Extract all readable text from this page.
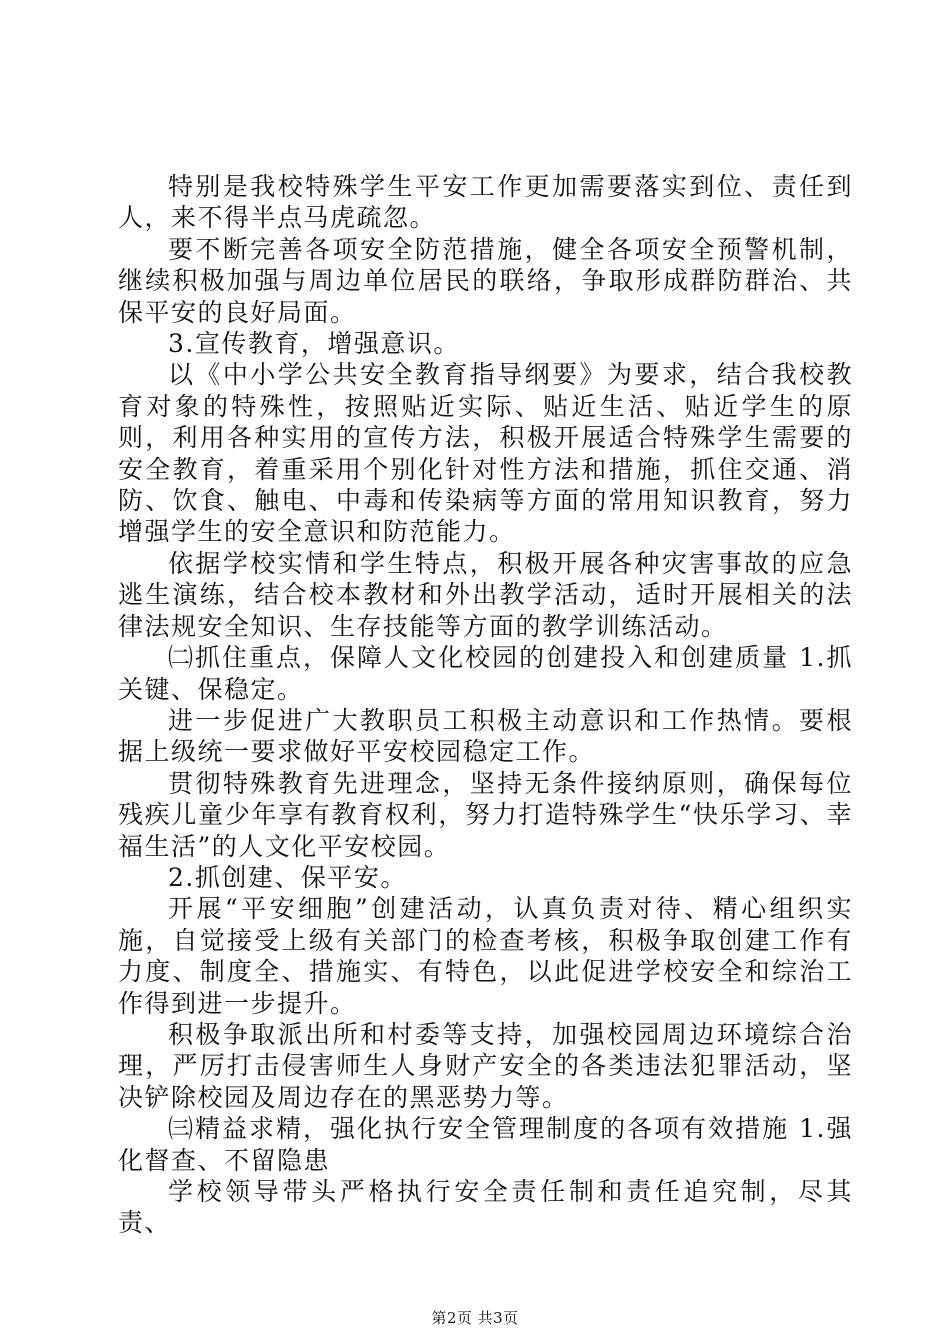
特别是我校特殊学生平安工作更加需要落实到位、责任到人，来不得半点马虎疏忽。

要不断完善各项安全防范措施，健全各项安全预警机制，继续积极加强与周边单位居民的联络，争取形成群防群治、共保平安的良好局面。

3.宣传教育，增强意识。

以《中小学公共安全教育指导纲要》为要求，结合我校教育对象的特殊性，按照贴近实际、贴近生活、贴近学生的原则，利用各种实用的宣传方法，积极开展适合特殊学生需要的安全教育，着重采用个别化针对性方法和措施，抓住交通、消防、饮食、触电、中毒和传染病等方面的常用知识教育，努力增强学生的安全意识和防范能力。

依据学校实情和学生特点，积极开展各种灾害事故的应急逃生演练，结合校本教材和外出教学活动，适时开展相关的法律法规安全知识、生存技能等方面的教学训练活动。

㈡抓住重点，保障人文化校园的创建投入和创建质量 1.抓关键、保稳定。

进一步促进广大教职员工积极主动意识和工作热情。要根据上级统一要求做好平安校园稳定工作。

贯彻特殊教育先进理念，坚持无条件接纳原则，确保每位残疾儿童少年享有教育权利，努力打造特殊学生“快乐学习、幸福生活”的人文化平安校园。

2.抓创建、保平安。

开展“平安细胞”创建活动，认真负责对待、精心组织实施，自觉接受上级有关部门的检查考核，积极争取创建工作有力度、制度全、措施实、有特色，以此促进学校安全和综治工作得到进一步提升。

积极争取派出所和村委等支持，加强校园周边环境综合治理，严厉打击侵害师生人身财产安全的各类违法犯罪活动，坚决铲除校园及周边存在的黑恶势力等。

㈢精益求精，强化执行安全管理制度的各项有效措施 1.强化督查、不留隐患

学校领导带头严格执行安全责任制和责任追究制，尽其责、

第2页 共3页
